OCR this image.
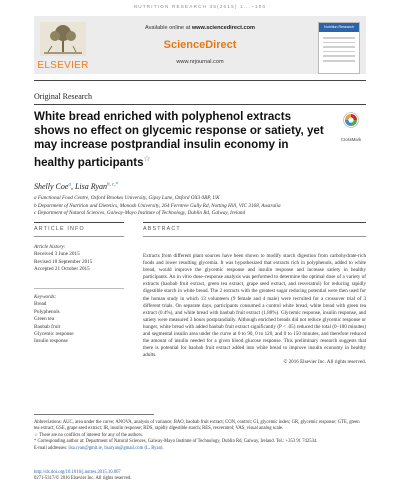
NUTRITION RESEARCH 35(2015) 1...–100
ELSEVIER
Available online at www.sciencedirect.com
ScienceDirect
www.nrjournal.com
Nutrition Research
Original Research
White bread enriched with polyphenol extracts shows no effect on glycemic response or satiety, yet may increase postprandial insulin economy in healthy participants☆
CrossMark
Shelly Coe$^a$, Lisa Ryan$^{b, c,*}$
a Functional Food Centre, Oxford Brookes University, Gipsy Lane, Oxford OX3 0BP, UK
b Department of Nutrition and Dietetics, Monash University, 264 Ferntree Gully Rd, Notting Hill, VIC 3168, Australia
c Department of Natural Sciences, Galway-Mayo Institute of Technology, Dublin Rd, Galway, Ireland
ARTICLE INFO	ABSTRACT
Article history:
Received 3 June 2015
Revised 18 September 2015
Accepted 21 October 2015
Keywords:
Bread
Polyphenols
Green tea
Baobab fruit
Glycemic response
Insulin response
Extracts from different plant sources have been shown to modify starch digestion from carbohydrate-rich foods and lower resulting glycemia. It was hypothesized that extracts rich in polyphenols, added to white bread, would improve the glycemic response and insulin response and increase satiety in healthy participants. An in vitro dose–response analysis was performed to determine the optimal dose of a variety of extracts (baobab fruit extract, green tea extract, grape seed extract, and resveratrol) for reducing rapidly digestible starch in white bread. The 2 extracts with the greatest sugar reducing potential were then used for the human study in which 13 volunteers (9 female and 4 male) were recruited for a crossover trial of 3 different trials. On separate days, participants consumed a control white bread, white bread with green tea extract (0.4%), and white bread with baobab fruit extract (1.88%). Glycemic response, insulin response, and satiety were measured 3 hours postprandially. Although enriched breads did not reduce glycemic response or hunger, white bread with added baobab fruit extract significantly (P < .05) reduced the total (0–180 minutes) and segmental insulin area under the curve at 0 to 90, 0 to 120, and 0 to 150 minutes, and therefore reduced the amount of insulin needed for a given blood glucose response. This preliminary research suggests that there is potential for baobab fruit extract added into white bread to improve insulin economy in healthy adults.
© 2016 Elsevier Inc. All rights reserved.
Abbreviations: AUC, area under the curve; ANOVA, analysis of variance; BAO, baobab fruit extract; CON, control; GI, glycemic index; GR, glycemic response; GTE, green tea extract; GSE, grape seed extract; IR, insulin response; RDS, rapidly digestible starch; RES, resveratrol; VAS, visual analog scale.
☆ There are no conflicts of interest for any of the authors.
* Corresponding author at: Department of Natural Sciences, Galway-Mayo Institute of Technology, Dublin Rd, Galway, Ireland. Tel.: +353 91 742534.
E-mail addresses: lisa.ryan@gmit.ie, lisaryan@gmail.com (L. Ryan).
http://dx.doi.org/10.1016/j.nutres.2015.10.007
0271-5317/© 2016 Elsevier Inc. All rights reserved.
